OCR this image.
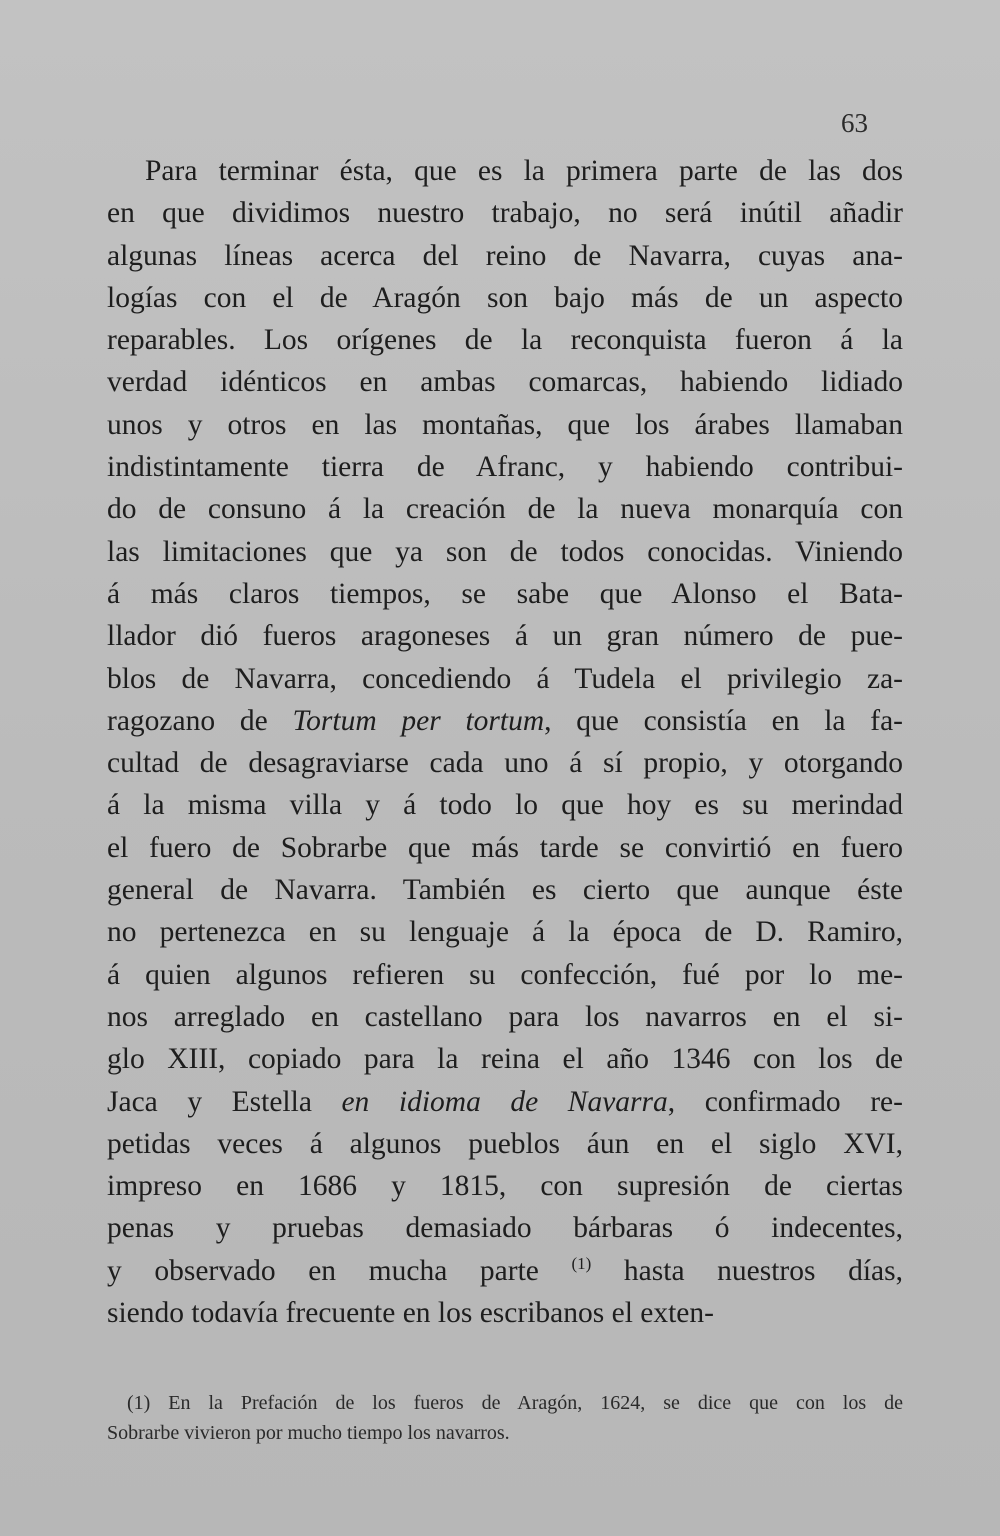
63
Para terminar ésta, que es la primera parte de las dos
en que dividimos nuestro trabajo, no será inútil añadir
algunas líneas acerca del reino de Navarra, cuyas ana-
logías con el de Aragón son bajo más de un aspecto
reparables. Los orígenes de la reconquista fueron á la
verdad idénticos en ambas comarcas, habiendo lidiado
unos y otros en las montañas, que los árabes llamaban
indistintamente tierra de Afranc, y habiendo contribui-
do de consuno á la creación de la nueva monarquía con
las limitaciones que ya son de todos conocidas. Viniendo
á más claros tiempos, se sabe que Alonso el Bata-
llador dió fueros aragoneses á un gran número de pue-
blos de Navarra, concediendo á Tudela el privilegio za-
ragozano de Tortum per tortum, que consistía en la fa-
cultad de desagraviarse cada uno á sí propio, y otorgando
á la misma villa y á todo lo que hoy es su merindad
el fuero de Sobrarbe que más tarde se convirtió en fuero
general de Navarra. También es cierto que aunque éste
no pertenezca en su lenguaje á la época de D. Ramiro,
á quien algunos refieren su confección, fué por lo me-
nos arreglado en castellano para los navarros en el si-
glo XIII, copiado para la reina el año 1346 con los de
Jaca y Estella en idioma de Navarra, confirmado re-
petidas veces á algunos pueblos áun en el siglo XVI,
impreso en 1686 y 1815, con supresión de ciertas
penas y pruebas demasiado bárbaras ó indecentes,
y observado en mucha parte $^{(1)}$ hasta nuestros días,
siendo todavía frecuente en los escribanos el exten-
(1) En la Prefación de los fueros de Aragón, 1624, se dice que con los de
Sobrarbe vivieron por mucho tiempo los navarros.
